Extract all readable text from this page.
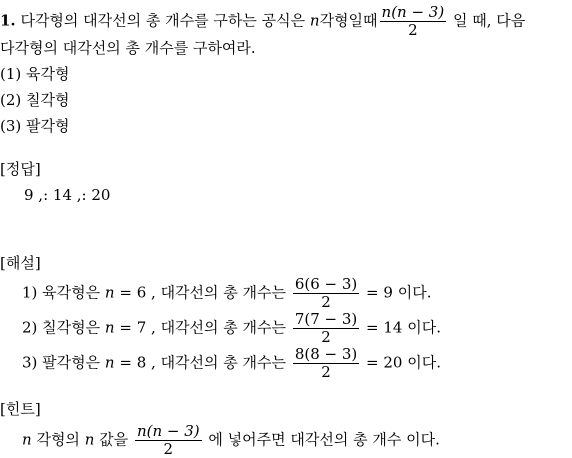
1. 다각형의 대각선의 총 개수를 구하는 공식은 n각형일때 $\frac{n(n - 3)}{2}$ 일 때, 다음
다각형의 대각선의 총 개수를 구하여라.
(1) 육각형
(2) 칠각형
(3) 팔각형
[정답]
9 ,: 14 ,: 20
[해설]
1) 육각형은 n = 6 , 대각선의 총 개수는 $\frac{6(6 - 3)}{2} = 9$ 이다.
2) 칠각형은 n = 7 , 대각선의 총 개수는 $\frac{7(7 - 3)}{2} = 14$ 이다.
3) 팔각형은 n = 8 , 대각선의 총 개수는 $\frac{8(8 - 3)}{2} = 20$ 이다.
[힌트]
n 각형의 n 값을 $\frac{n(n - 3)}{2}$ 에 넣어주면 대각선의 총 개수 이다.
